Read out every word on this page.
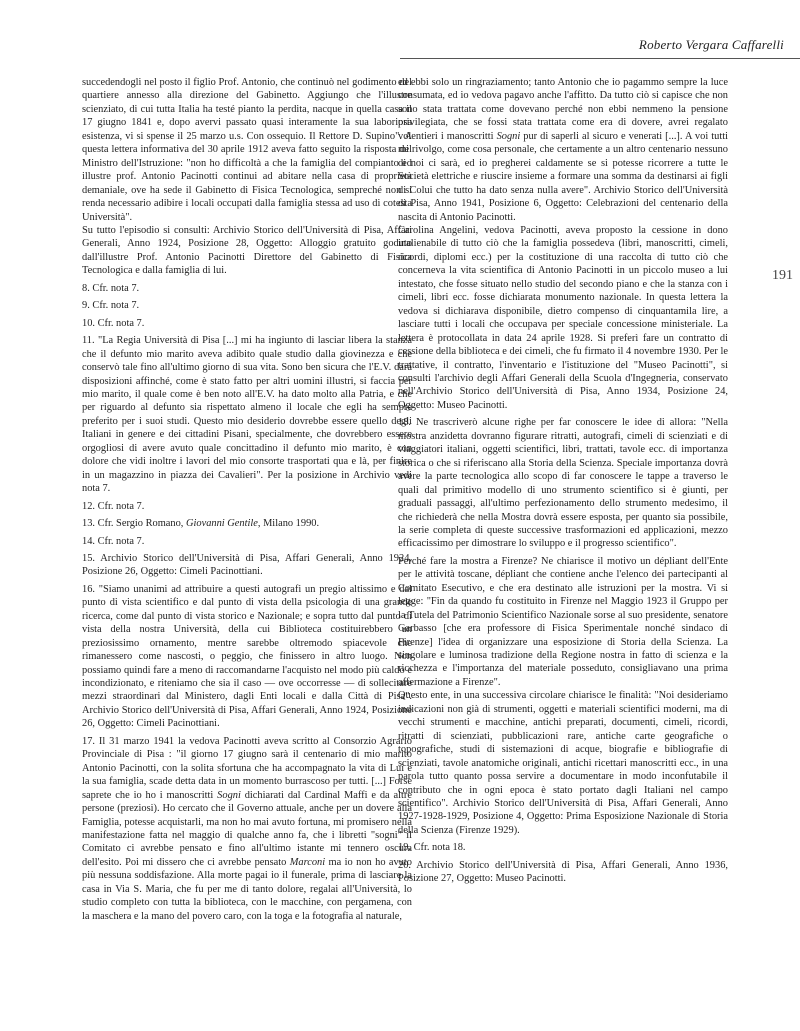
Roberto Vergara Caffarelli
191

succedendogli nel posto il figlio Prof. Antonio, che continuò nel godimento del quartiere annesso alla direzione del Gabinetto. Aggiungo che l'illustre scienziato, di cui tutta Italia ha testé pianto la perdita, nacque in quella casa il 17 giugno 1841 e, dopo avervi passato quasi interamente la sua laboriosa esistenza, vi si spense il 25 marzo u.s. Con ossequio. Il Rettore D. Supino". A questa lettera informativa del 30 aprile 1912 aveva fatto seguito la risposta del Ministro dell'Istruzione: "non ho difficoltà a che la famiglia del compianto ed illustre prof. Antonio Pacinotti continui ad abitare nella casa di proprietà demaniale, ove ha sede il Gabinetto di Fisica Tecnologica, sempreché non si renda necessario adibire i locali occupati dalla famiglia stessa ad uso di cotesta Università".

Su tutto l'episodio si consulti: Archivio Storico dell'Università di Pisa, Affari Generali, Anno 1924, Posizione 28, Oggetto: Alloggio gratuito goduto dall'illustre Prof. Antonio Pacinotti Direttore del Gabinetto di Fisica Tecnologica e dalla famiglia di lui.

8. Cfr. nota 7.

9. Cfr. nota 7.

10. Cfr. nota 7.

11. "La Regia Università di Pisa [...] mi ha ingiunto di lasciar libera la stanza che il defunto mio marito aveva adibito quale studio dalla giovinezza e che conservò tale fino all'ultimo giorno di sua vita. Sono ben sicura che l'E.V. darà disposizioni affinché, come è stato fatto per altri uomini illustri, si faccia per mio marito, il quale come è ben noto all'E.V. ha dato molto alla Patria, e che per riguardo al defunto sia rispettato almeno il locale che egli ha sempre preferito per i suoi studi. Questo mio desiderio dovrebbe essere quello degli Italiani in genere e dei cittadini Pisani, specialmente, che dovrebbero essere orgogliosi di avere avuto quale concittadino il defunto mio marito, è con dolore che vidi inoltre i lavori del mio consorte trasportati qua e là, per finire in un magazzino in piazza dei Cavalieri". Per la posizione in Archivio vedi nota 7.

12. Cfr. nota 7.

13. Cfr. Sergio Romano, Giovanni Gentile, Milano 1990.

14. Cfr. nota 7.

15. Archivio Storico dell'Università di Pisa, Affari Generali, Anno 1924, Posizione 26, Oggetto: Cimeli Pacinottiani.

16. "Siamo unanimi ad attribuire a questi autografi un pregio altissimo e dal punto di vista scientifico e dal punto di vista della psicologia di una grande ricerca, come dal punto di vista storico e Nazionale; e sopra tutto dal punto di vista della nostra Università, della cui Biblioteca costituirebbero un preziosissimo ornamento, mentre sarebbe oltremodo spiacevole che rimanessero come nascosti, o peggio, che finissero in altro luogo. Non possiamo quindi fare a meno di raccomandarne l'acquisto nel modo più caldo e incondizionato, e riteniamo che sia il caso — ove occorresse — di sollecitare mezzi straordinari dal Ministero, dagli Enti locali e dalla Città di Pisa". Archivio Storico dell'Università di Pisa, Affari Generali, Anno 1924, Posizione 26, Oggetto: Cimeli Pacinottiani.

17. Il 31 marzo 1941 la vedova Pacinotti aveva scritto al Consorzio Agrario Provinciale di Pisa : "il giorno 17 giugno sarà il centenario di mio marito Antonio Pacinotti, con la solita sfortuna che ha accompagnato la vita di Lui e la sua famiglia, scade detta data in un momento burrascoso per tutti. [...] Forse saprete che io ho i manoscritti Sogni dichiarati dal Cardinal Maffi e da altre persone (preziosi). Ho cercato che il Governo attuale, anche per un dovere alla Famiglia, potesse acquistarli, ma non ho mai avuto fortuna, mi promisero nella manifestazione fatta nel maggio di qualche anno fa, che i libretti "sogni" il Comitato ci avrebbe pensato e fino all'ultimo istante mi tennero oscura dell'esito. Poi mi dissero che ci avrebbe pensato Marconi ma io non ho avuto più nessuna soddisfazione. Alla morte pagai io il funerale, prima di lasciare la casa in Via S. Maria, che fu per me di tanto dolore, regalai all'Università, lo studio completo con tutta la biblioteca, con le macchine, con pergamena, con la maschera e la mano del povero caro, con la toga e la fotografia al naturale,

ed ebbi solo un ringraziamento; tanto Antonio che io pagammo sempre la luce consumata, ed io vedova pagavo anche l'affitto. Da tutto ciò si capisce che non sono stata trattata come dovevano perché non ebbi nemmeno la pensione privilegiata, che se fossi stata trattata come era di dovere, avrei regalato volentieri i manoscritti Sogni pur di saperli al sicuro e venerati [...]. A voi tutti mi rivolgo, come cosa personale, che certamente a un altro centenario nessuno di noi ci sarà, ed io pregherei caldamente se si potesse ricorrere a tutte le Società elettriche e riuscire insieme a formare una somma da destinarsi ai figli di Colui che tutto ha dato senza nulla avere". Archivio Storico dell'Università di Pisa, Anno 1941, Posizione 6, Oggetto: Celebrazioni del centenario della nascita di Antonio Pacinotti.

Carolina Angelini, vedova Pacinotti, aveva proposto la cessione in dono inalienabile di tutto ciò che la famiglia possedeva (libri, manoscritti, cimeli, ricordi, diplomi ecc.) per la costituzione di una raccolta di tutto ciò che concerneva la vita scientifica di Antonio Pacinotti in un piccolo museo a lui intestato, che fosse situato nello studio del secondo piano e che la stanza con i cimeli, libri ecc. fosse dichiarata monumento nazionale. In questa lettera la vedova si dichiarava disponibile, dietro compenso di cinquantamila lire, a lasciare tutti i locali che occupava per speciale concessione ministeriale. La lettera è protocollata in data 24 aprile 1928. Si preferì fare un contratto di cessione della biblioteca e dei cimeli, che fu firmato il 4 novembre 1930. Per le trattative, il contratto, l'inventario e l'istituzione del "Museo Pacinotti", si consulti l'archivio degli Affari Generali della Scuola d'Ingegneria, conservato nell'Archivio Storico dell'Università di Pisa, Anno 1934, Posizione 24, Oggetto: Museo Pacinotti.

18. Ne trascriverò alcune righe per far conoscere le idee di allora: "Nella mostra anzidetta dovranno figurare ritratti, autografi, cimeli di scienziati e di viaggiatori italiani, oggetti scientifici, libri, trattati, tavole ecc. di importanza storica o che si riferiscano alla Storia della Scienza. Speciale importanza dovrà avere la parte tecnologica allo scopo di far conoscere le tappe a traverso le quali dal primitivo modello di uno strumento scientifico si è giunti, per graduali passaggi, all'ultimo perfezionamento dello strumento medesimo, il che richiederà che nella Mostra dovrà essere esposta, per quanto sia possibile, la serie completa di queste successive trasformazioni ed applicazioni, mezzo efficacissimo per dimostrare lo sviluppo e il progresso scientifico".

Perché fare la mostra a Firenze? Ne chiarisce il motivo un dépliant dell'Ente per le attività toscane, dépliant che contiene anche l'elenco dei partecipanti al Comitato Esecutivo, e che era destinato alle istruzioni per la mostra. Vi si legge: "Fin da quando fu costituito in Firenze nel Maggio 1923 il Gruppo per la Tutela del Patrimonio Scientifico Nazionale sorse al suo presidente, senatore Garbasso [che era professore di Fisica Sperimentale nonché sindaco di Firenze] l'idea di organizzare una esposizione di Storia della Scienza. La singolare e luminosa tradizione della Regione nostra in fatto di scienza e la ricchezza e l'importanza del materiale posseduto, consigliavano una prima affermazione a Firenze".

Questo ente, in una successiva circolare chiarisce le finalità: "Noi desideriamo indicazioni non già di strumenti, oggetti e materiali scientifici moderni, ma di vecchi strumenti e macchine, antichi preparati, documenti, cimeli, ricordi, ritratti di scienziati, pubblicazioni rare, antiche carte geografiche o topografiche, studi di sistemazioni di acque, biografie e bibliografie di scienziati, tavole anatomiche originali, antichi ricettari manoscritti ecc., in una parola tutto quanto possa servire a documentare in modo inconfutabile il contributo che in ogni epoca è stato portato dagli Italiani nel campo scientifico". Archivio Storico dell'Università di Pisa, Affari Generali, Anno 1927-1928-1929, Posizione 4, Oggetto: Prima Esposizione Nazionale di Storia della Scienza (Firenze 1929).

19. Cfr. nota 18.

20. Archivio Storico dell'Università di Pisa, Affari Generali, Anno 1936, Posizione 27, Oggetto: Museo Pacinotti.
